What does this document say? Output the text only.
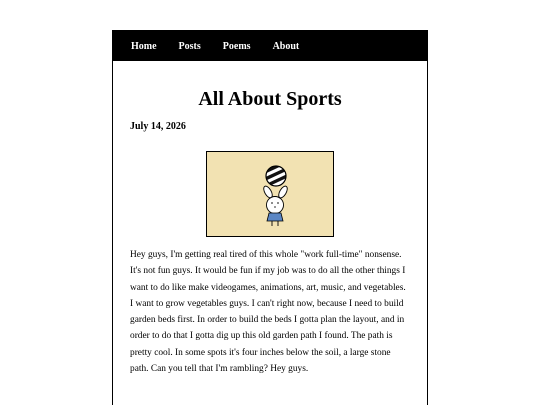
Home Posts Poems About
All About Sports
July 14, 2026

Hey guys, I'm getting real tired of this whole "work full-time" nonsense. It's not fun guys. It would be fun if my job was to do all the other things I want to do like make videogames, animations, art, music, and vegetables. I want to grow vegetables guys. I can't right now, because I need to build garden beds first. In order to build the beds I gotta plan the layout, and in order to do that I gotta dig up this old garden path I found. The path is pretty cool. In some spots it's four inches below the soil, a large stone path. Can you tell that I'm rambling? Hey guys.
